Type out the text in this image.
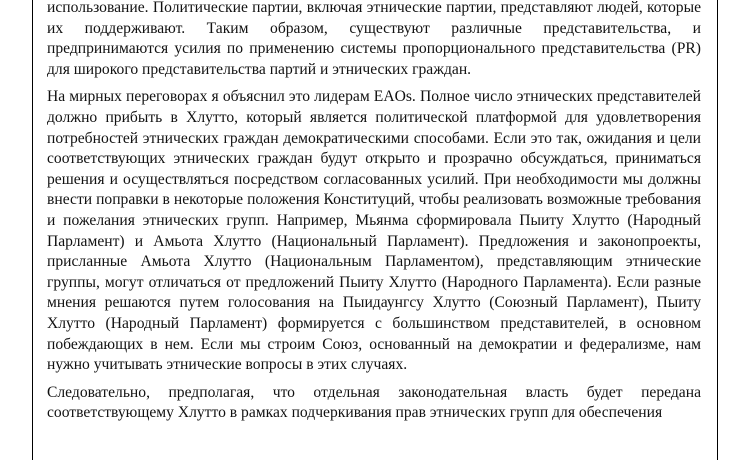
использование. Политические партии, включая этнические партии, представляют людей, которые их поддерживают. Таким образом, существуют различные представительства, и предпринимаются усилия по применению системы пропорционального представительства (PR) для широкого представительства партий и этнических граждан.

На мирных переговорах я объяснил это лидерам EAOs. Полное число этнических представителей должно прибыть в Хлутто, который является политической платформой для удовлетворения потребностей этнических граждан демократическими способами. Если это так, ожидания и цели соответствующих этнических граждан будут открыто и прозрачно обсуждаться, приниматься решения и осуществляться посредством согласованных усилий. При необходимости мы должны внести поправки в некоторые положения Конституций, чтобы реализовать возможные требования и пожелания этнических групп. Например, Мьянма сформировала Пыиту Хлутто (Народный Парламент) и Амьота Хлутто (Национальный Парламент). Предложения и законопроекты, присланные Амьота Хлутто (Национальным Парламентом), представляющим этнические группы, могут отличаться от предложений Пыиту Хлутто (Народного Парламента). Если разные мнения решаются путем голосования на Пыидаунгсу Хлутто (Союзный Парламент), Пыиту Хлутто (Народный Парламент) формируется с большинством представителей, в основном побеждающих в нем. Если мы строим Союз, основанный на демократии и федерализме, нам нужно учитывать этнические вопросы в этих случаях.

Следовательно, предполагая, что отдельная законодательная власть будет передана соответствующему Хлутто в рамках подчеркивания прав этнических групп для обеспечения
